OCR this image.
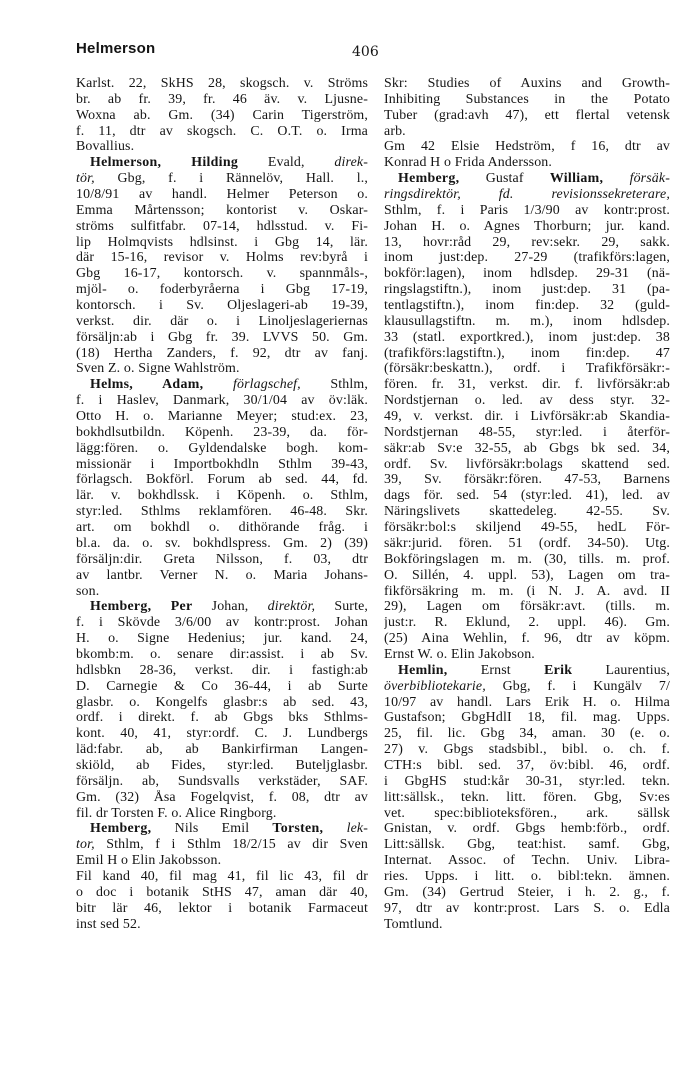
Helmerson	406
Karlst. 22, SkHS 28, skogsch. v. Ströms
br. ab fr. 39, fr. 46 äv. v. Ljusne-
Woxna ab. Gm. (34) Carin Tigerström,
f. 11, dtr av skogsch. C. O.T. o. Irma
Bovallius.
Helmerson, Hilding Evald, direk-
tör, Gbg, f. i Rännelöv, Hall. l.,
10/8/91 av handl. Helmer Peterson o.
Emma Mårtensson; kontorist v. Oskar-
ströms sulfitfabr. 07-14, hdlsstud. v. Fi-
lip Holmqvists hdlsinst. i Gbg 14, lär.
där 15-16, revisor v. Holms rev:byrå i
Gbg 16-17, kontorsch. v. spannmåls-,
mjöl- o. foderbyråerna i Gbg 17-19,
kontorsch. i Sv. Oljeslageri-ab 19-39,
verkst. dir. där o. i Linoljeslageriernas
försäljn:ab i Gbg fr. 39. LVVS 50. Gm.
(18) Hertha Zanders, f. 92, dtr av fanj.
Sven Z. o. Signe Wahlström.
Helms, Adam, förlagschef, Sthlm,
f. i Haslev, Danmark, 30/1/04 av öv:läk.
Otto H. o. Marianne Meyer; stud:ex. 23,
bokhdlsutbildn. Köpenh. 23-39, da. för-
lägg:fören. o. Gyldendalske bogh. kom-
missionär i Importbokhdln Sthlm 39-43,
förlagsch. Bokförl. Forum ab sed. 44, fd.
lär. v. bokhdlssk. i Köpenh. o. Sthlm,
styr:led. Sthlms reklamfören. 46-48. Skr.
art. om bokhdl o. dithörande fråg. i
bl.a. da. o. sv. bokhdlspress. Gm. 2) (39)
försäljn:dir. Greta Nilsson, f. 03, dtr
av lantbr. Verner N. o. Maria Johans-
son.
Hemberg, Per Johan, direktör, Surte,
f. i Skövde 3/6/00 av kontr:prost. Johan
H. o. Signe Hedenius; jur. kand. 24,
bkomb:m. o. senare dir:assist. i ab Sv.
hdlsbkn 28-36, verkst. dir. i fastigh:ab
D. Carnegie & Co 36-44, i ab Surte
glasbr. o. Kongelfs glasbr:s ab sed. 43,
ordf. i direkt. f. ab Gbgs bks Sthlms-
kont. 40, 41, styr:ordf. C. J. Lundbergs
läd:fabr. ab, ab Bankirfirman Langen-
skiöld, ab Fides, styr:led. Buteljglasbr.
försäljn. ab, Sundsvalls verkstäder, SAF.
Gm. (32) Åsa Fogelqvist, f. 08, dtr av
fil. dr Torsten F. o. Alice Ringborg.
Hemberg, Nils Emil Torsten, lek-
tor, Sthlm, f i Sthlm 18/2/15 av dir Sven
Emil H o Elin Jakobsson.
Fil kand 40, fil mag 41, fil lic 43, fil dr
o doc i botanik StHS 47, aman där 40,
bitr lär 46, lektor i botanik Farmaceut
inst sed 52.
Skr: Studies of Auxins and Growth-
Inhibiting Substances in the Potato
Tuber (grad:avh 47), ett flertal vetensk
arb.
Gm 42 Elsie Hedström, f 16, dtr av
Konrad H o Frida Andersson.
Hemberg, Gustaf William, försäk-
ringsdirektör, fd. revisionssekreterare,
Sthlm, f. i Paris 1/3/90 av kontr:prost.
Johan H. o. Agnes Thorburn; jur. kand.
13, hovr:råd 29, rev:sekr. 29, sakk.
inom just:dep. 27-29 (trafikförs:lagen,
bokför:lagen), inom hdlsdep. 29-31 (nä-
ringslagstiftn.), inom just:dep. 31 (pa-
tentlagstiftn.), inom fin:dep. 32 (guld-
klausullagstiftn. m. m.), inom hdlsdep.
33 (statl. exportkred.), inom just:dep. 38
(trafikförs:lagstiftn.), inom fin:dep. 47
(försäkr:beskattn.), ordf. i Trafikförsäkr:-
fören. fr. 31, verkst. dir. f. livförsäkr:ab
Nordstjernan o. led. av dess styr. 32-
49, v. verkst. dir. i Livförsäkr:ab Skandia-
Nordstjernan 48-55, styr:led. i återför-
säkr:ab Sv:e 32-55, ab Gbgs bk sed. 34,
ordf. Sv. livförsäkr:bolags skattend sed.
39, Sv. försäkr:fören. 47-53, Barnens
dags för. sed. 54 (styr:led. 41), led. av
Näringslivets skattedeleg. 42-55. Sv.
försäkr:bol:s skiljend 49-55, hedL För-
säkr:jurid. fören. 51 (ordf. 34-50). Utg.
Bokföringslagen m. m. (30, tills. m. prof.
O. Sillén, 4. uppl. 53), Lagen om tra-
fikförsäkring m. m. (i N. J. A. avd. II
29), Lagen om försäkr:avt. (tills. m.
just:r. R. Eklund, 2. uppl. 46). Gm.
(25) Aina Wehlin, f. 96, dtr av köpm.
Ernst W. o. Elin Jakobson.
Hemlin, Ernst Erik Laurentius,
överbibliotekarie, Gbg, f. i Kungälv 7/
10/97 av handl. Lars Erik H. o. Hilma
Gustafson; GbgHdlI 18, fil. mag. Upps.
25, fil. lic. Gbg 34, aman. 30 (e. o.
27) v. Gbgs stadsbibl., bibl. o. ch. f.
CTH:s bibl. sed. 37, öv:bibl. 46, ordf.
i GbgHS stud:kår 30-31, styr:led. tekn.
litt:sällsk., tekn. litt. fören. Gbg, Sv:es
vet. spec:biblioteksfören., ark. sällsk
Gnistan, v. ordf. Gbgs hemb:förb., ordf.
Litt:sällsk. Gbg, teat:hist. samf. Gbg,
Internat. Assoc. of Techn. Univ. Libra-
ries. Upps. i litt. o. bibl:tekn. ämnen.
Gm. (34) Gertrud Steier, i h. 2. g., f.
97, dtr av kontr:prost. Lars S. o. Edla
Tomtlund.
